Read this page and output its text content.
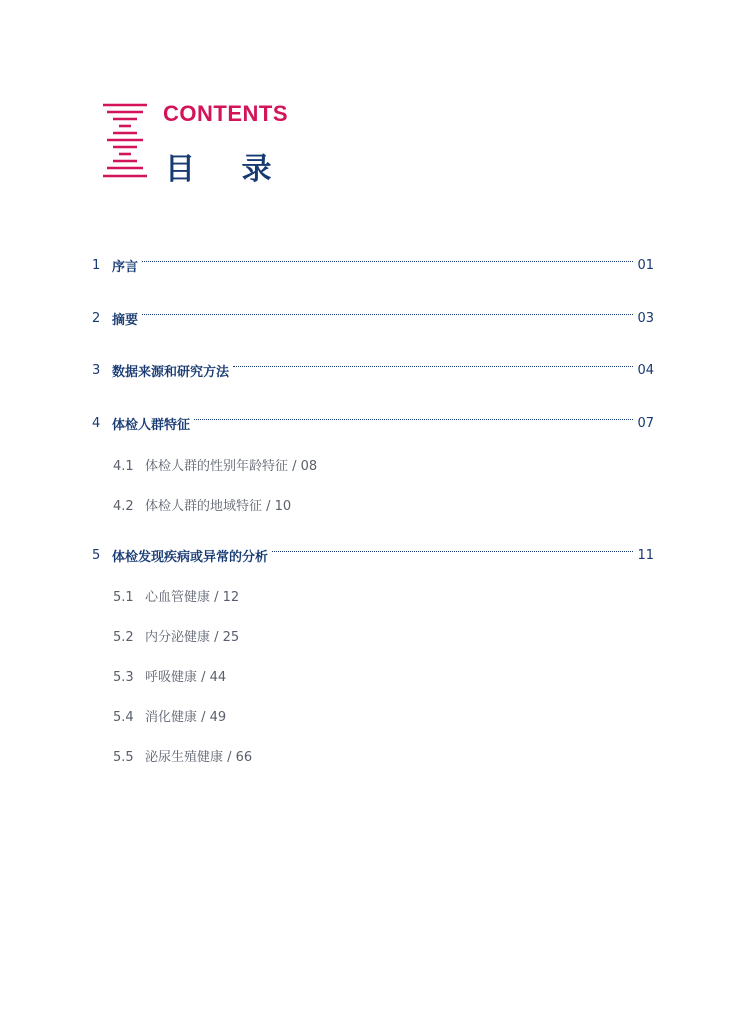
CONTENTS
目 录
1 序言	01
2 摘要	03
3 数据来源和研究方法	04
4 体检人群特征	07
4.1 体检人群的性别年龄特征 / 08
4.2 体检人群的地域特征 / 10
5 体检发现疾病或异常的分析	11
5.1 心血管健康 / 12
5.2 内分泌健康 / 25
5.3 呼吸健康 / 44
5.4 消化健康 / 49
5.5 泌尿生殖健康 / 66
